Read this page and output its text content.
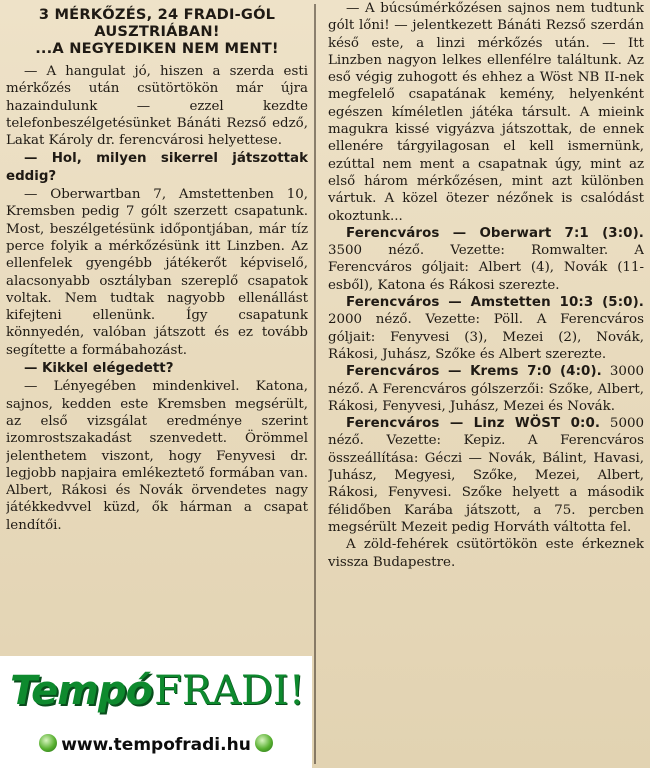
3 MÉRKŐZÉS, 24 FRADI-GÓL AUSZTRIÁBAN!
...A NEGYEDIKEN NEM MENT!

— A hangulat jó, hiszen a szerda esti mérkőzés után csütörtökön már újra hazaindulunk — ezzel kezdte telefonbeszélgetésünket Bánáti Rezső edző, Lakat Károly dr. ferencvárosi helyettese.

— Hol, milyen sikerrel játszottak eddig?

— Oberwartban 7, Amstettenben 10, Kremsben pedig 7 gólt szerzett csapatunk. Most, beszélgetésünk időpontjában, már tíz perce folyik a mérkőzésünk itt Linzben. Az ellenfelek gyengébb játékerőt képviselő, alacsonyabb osztályban szereplő csapatok voltak. Nem tudtak nagyobb ellenállást kifejteni ellenünk. Így csapatunk könnyedén, valóban játszott és ez tovább segítette a formábahozást.

— Kikkel elégedett?

— Lényegében mindenkivel. Katona, sajnos, kedden este Kremsben megsérült, az első vizsgálat eredménye szerint izomrostszakadást szenvedett. Örömmel jelenthetem viszont, hogy Fenyvesi dr. legjobb napjaira emlékeztető formában van. Albert, Rákosi és Novák örvendetes nagy játékkedvvel küzd, ők hárman a csapat lendítői.

— A búcsúmérkőzésen sajnos nem tudtunk gólt lőni! — jelentkezett Bánáti Rezső szerdán késő este, a linzi mérkőzés után. — Itt Linzben nagyon lelkes ellenfélre találtunk. Az eső végig zuhogott és ehhez a Wöst NB II-nek megfelelő csapatának kemény, helyenként egészen kíméletlen játéka társult. A mieink magukra kissé vigyázva játszottak, de ennek ellenére tárgyilagosan el kell ismernünk, ezúttal nem ment a csapatnak úgy, mint az első három mérkőzésen, mint azt különben vártuk. A közel ötezer nézőnek is csalódást okoztunk...

Ferencváros — Oberwart 7:1 (3:0). 3500 néző. Vezette: Romwalter. A Ferencváros góljait: Albert (4), Novák (11-esből), Katona és Rákosi szerezte.

Ferencváros — Amstetten 10:3 (5:0). 2000 néző. Vezette: Pöll. A Ferencváros góljait: Fenyvesi (3), Mezei (2), Novák, Rákosi, Juhász, Szőke és Albert szerezte.

Ferencváros — Krems 7:0 (4:0). 3000 néző. A Ferencváros gólszerzői: Szőke, Albert, Rákosi, Fenyvesi, Juhász, Mezei és Novák.

Ferencváros — Linz WÖST 0:0. 5000 néző. Vezette: Kepiz. A Ferencváros összeállítása: Géczi — Novák, Bálint, Havasi, Juhász, Megyesi, Szőke, Mezei, Albert, Rákosi, Fenyvesi. Szőke helyett a második félidőben Karába játszott, a 75. percben megsérült Mezeit pedig Horváth váltotta fel.

A zöld-fehérek csütörtökön este érkeznek vissza Budapestre.

TempóFRADI!
www.tempofradi.hu
